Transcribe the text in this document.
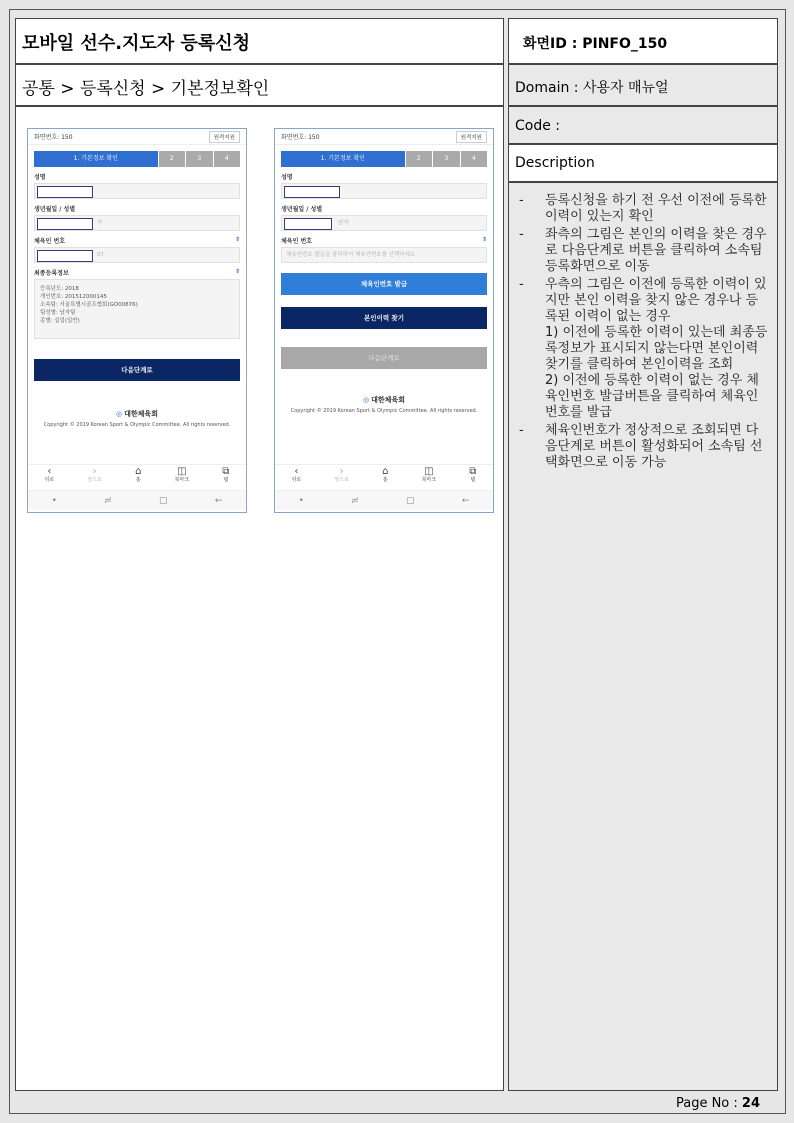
모바일 선수.지도자 등록신청
공통 > 등록신청 > 기본정보확인
화면ID : PINFO_150
Domain : 사용자 매뉴얼
Code :
Description
- 등록신청을 하기 전 우선 이전에 등록한 이력이 있는지 확인
- 좌측의 그림은 본인의 이력을 찾은 경우로 다음단계로 버튼을 클릭하여 소속팀 등록화면으로 이동
- 우측의 그림은 이전에 등록한 이력이 있지만 본인 이력을 찾지 않은 경우나 등록된 이력이 없는 경우
1) 이전에 등록한 이력이 있는데 최종등록정보가 표시되지 않는다면 본인이력찾기를 클릭하여 본인이력을 조회
2) 이전에 등록한 이력이 없는 경우 체육인번호 발급버튼을 클릭하여 체육인번호를 발급
- 체육인번호가 정상적으로 조회되면 다음단계로 버튼이 활성화되어 소속팀 선택화면으로 이동 가능
화면번호: 150	원격지원
1. 기본정보 확인	2	3	4
성명
생년월일 / 성별
자
체육인 번호	⇕
07
최종등록정보	⇕
등록년도: 2018
개인번호: 201512000145
소속팀: 서울특별시골프협회(GO00876)
팀성별: 남자팀
종별: 실업(일반)
다음단계로
◎ 대한체육회
Copyright © 2019 Korean Sport & Olympic Committee. All rights reserved.
‹
뒤로
›
앞으로
⌂
홈
◫
북마크
⧉
탭
•	≓	▢	←
화면번호: 150	원격지원
1. 기본정보 확인	2	3	4
성명
생년월일 / 성별
남자
체육인 번호	⇕
체육인번호 발급을 클릭하여 체육인번호를 선택하세요
체육인번호 발급
본인이력 찾기
다음단계로
◎ 대한체육회
Copyright © 2019 Korean Sport & Olympic Committee. All rights reserved.
‹
뒤로
›
앞으로
⌂
홈
◫
북마크
⧉
탭
•	≓	▢	←
Page No : 24
